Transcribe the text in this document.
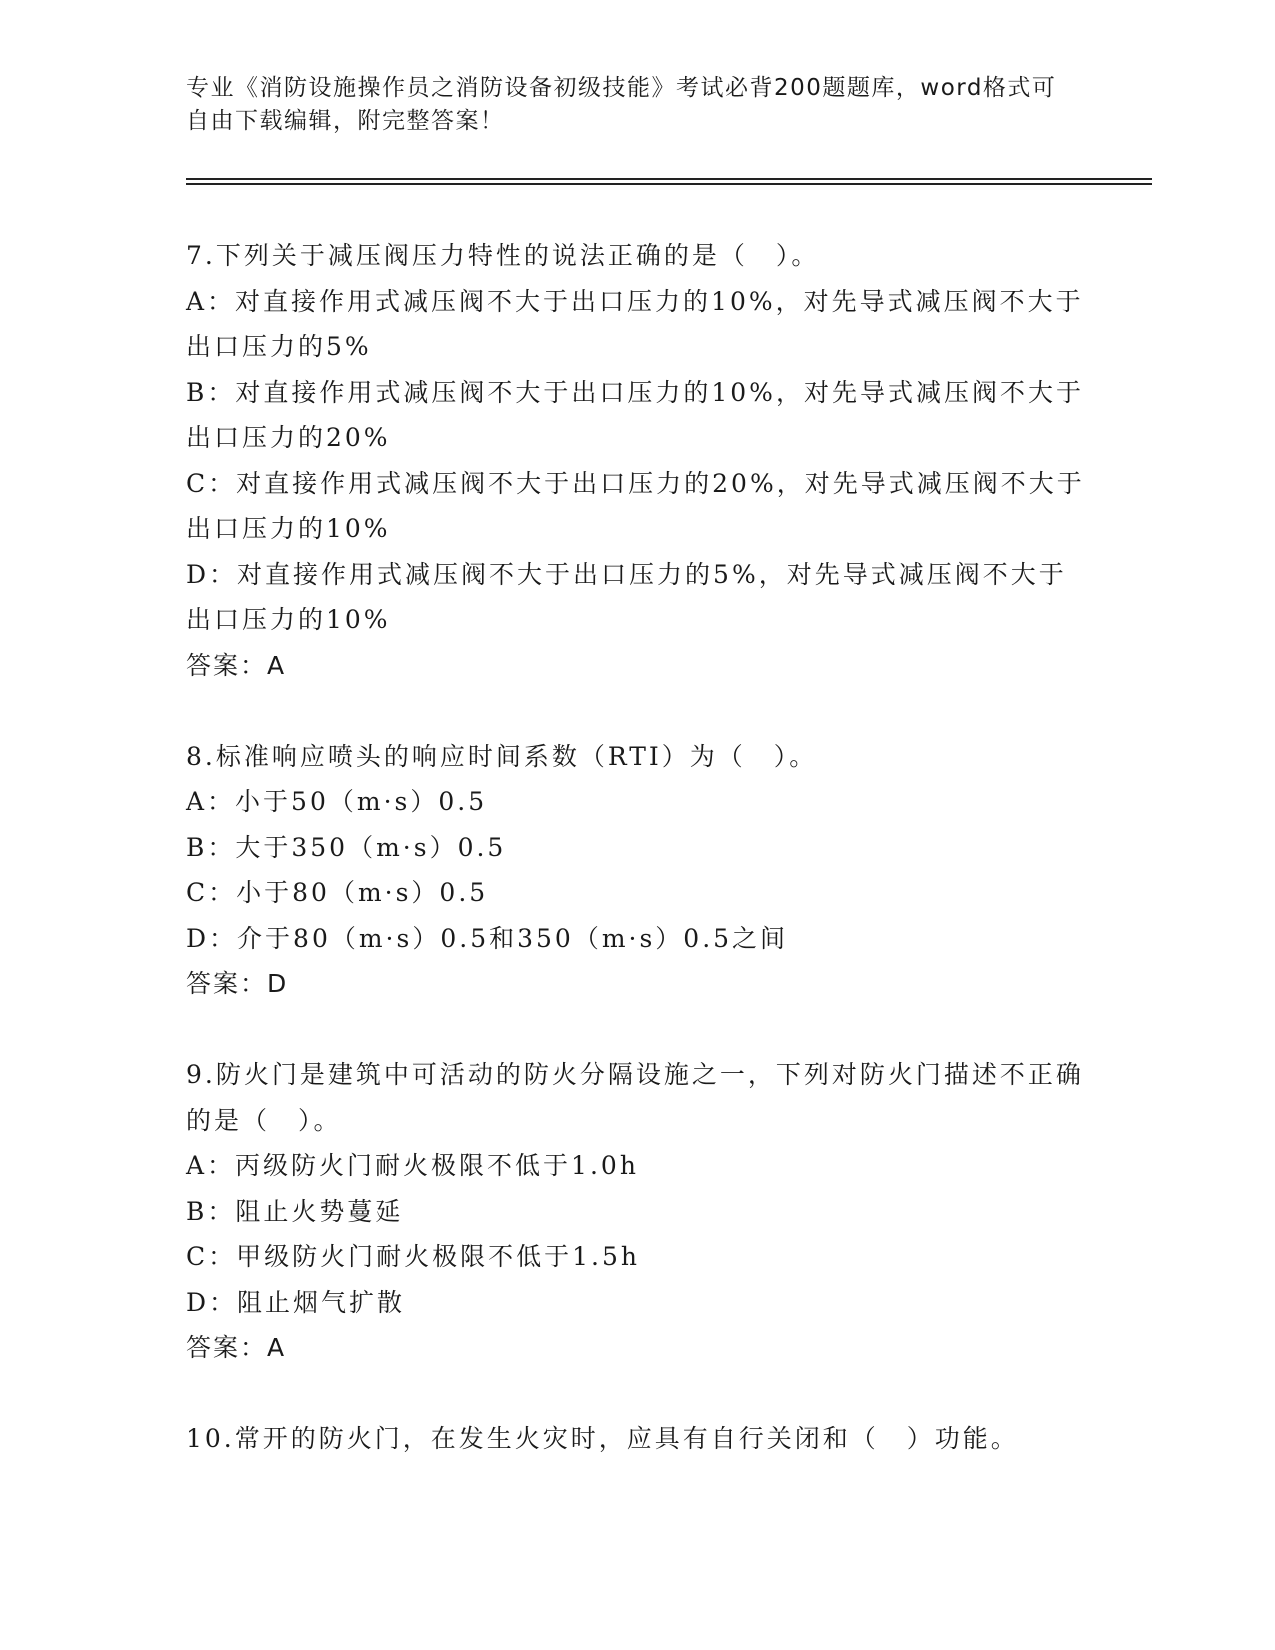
专业《消防设施操作员之消防设备初级技能》考试必背200题题库，word格式可自由下载编辑，附完整答案！
7.下列关于减压阀压力特性的说法正确的是（　）。
A：对直接作用式减压阀不大于出口压力的10%，对先导式减压阀不大于出口压力的5%
B：对直接作用式减压阀不大于出口压力的10%，对先导式减压阀不大于出口压力的20%
C：对直接作用式减压阀不大于出口压力的20%，对先导式减压阀不大于出口压力的10%
D：对直接作用式减压阀不大于出口压力的5%，对先导式减压阀不大于出口压力的10%
答案：A
8.标准响应喷头的响应时间系数（RTI）为（　）。
A：小于50（m·s）0.5
B：大于350（m·s）0.5
C：小于80（m·s）0.5
D：介于80（m·s）0.5和350（m·s）0.5之间
答案：D
9.防火门是建筑中可活动的防火分隔设施之一，下列对防火门描述不正确的是（　）。
A：丙级防火门耐火极限不低于1.0h
B：阻止火势蔓延
C：甲级防火门耐火极限不低于1.5h
D：阻止烟气扩散
答案：A
10.常开的防火门，在发生火灾时，应具有自行关闭和（　）功能。
